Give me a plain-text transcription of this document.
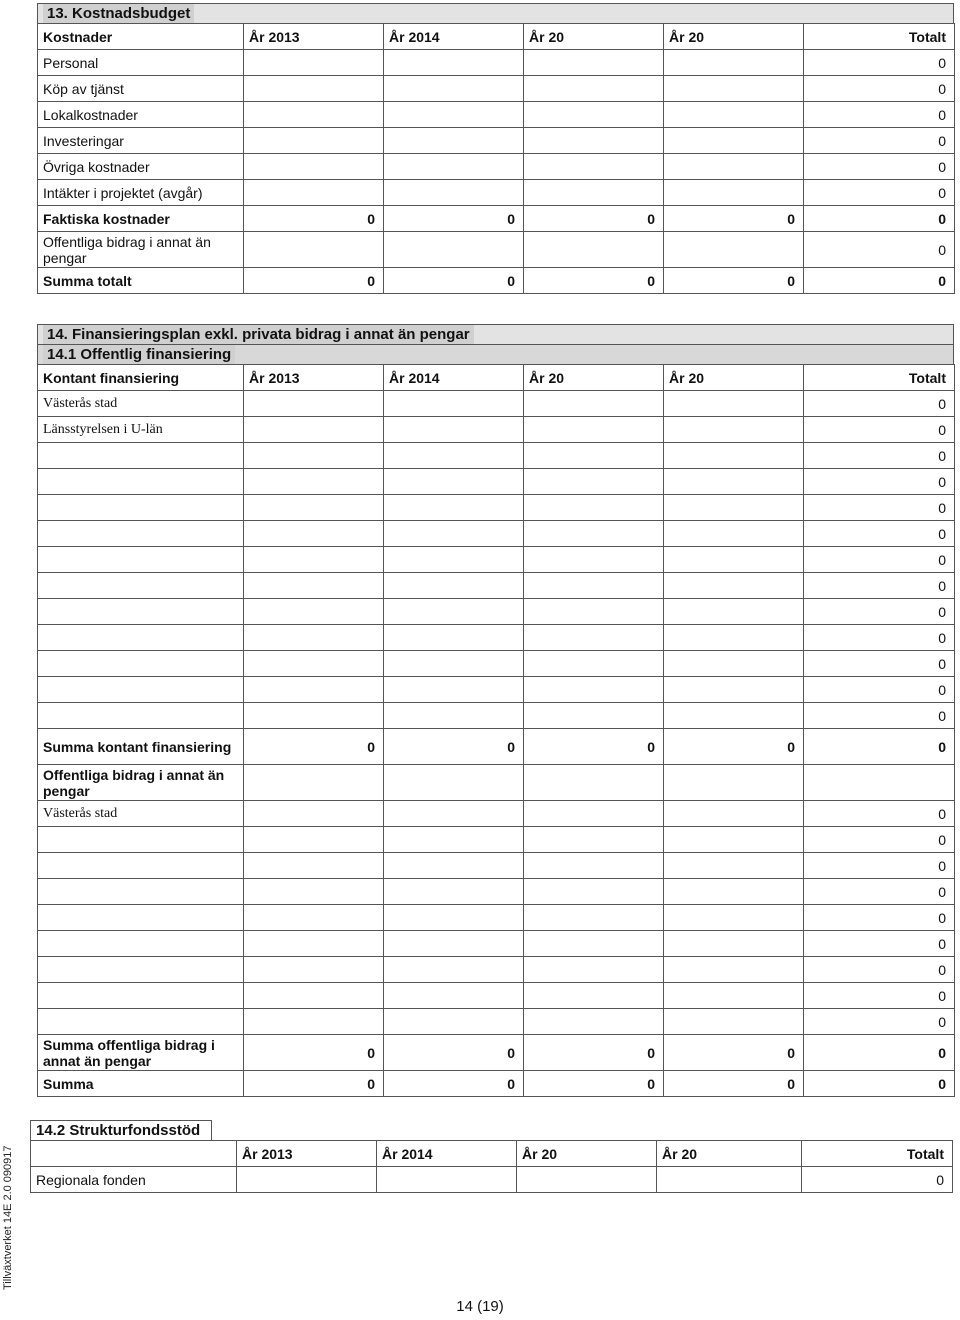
13. Kostnadsbudget
Kostnader	År 2013	År 2014	År 20	År 20	Totalt
Personal					0
Köp av tjänst					0
Lokalkostnader					0
Investeringar					0
Övriga kostnader					0
Intäkter i projektet (avgår)					0
Faktiska kostnader	0	0	0	0	0
Offentliga bidrag i annat än pengar					0
Summa totalt	0	0	0	0	0
14. Finansieringsplan exkl. privata bidrag i annat än pengar
14.1 Offentlig finansiering
Kontant finansiering	År 2013	År 2014	År 20	År 20	Totalt
Västerås stad					0
Länsstyrelsen i U-län					0
					0
					0
					0
					0
					0
					0
					0
					0
					0
					0
					0
Summa kontant finansiering	0	0	0	0	0
Offentliga bidrag i annat än pengar					
Västerås stad					0
					0
					0
					0
					0
					0
					0
					0
					0
Summa offentliga bidrag i annat än pengar	0	0	0	0	0
Summa	0	0	0	0	0
14.2 Strukturfondsstöd
	År 2013	År 2014	År 20	År 20	Totalt
Regionala fonden					0
Tillväxtverket 14E 2.0 090917
14 (19)
